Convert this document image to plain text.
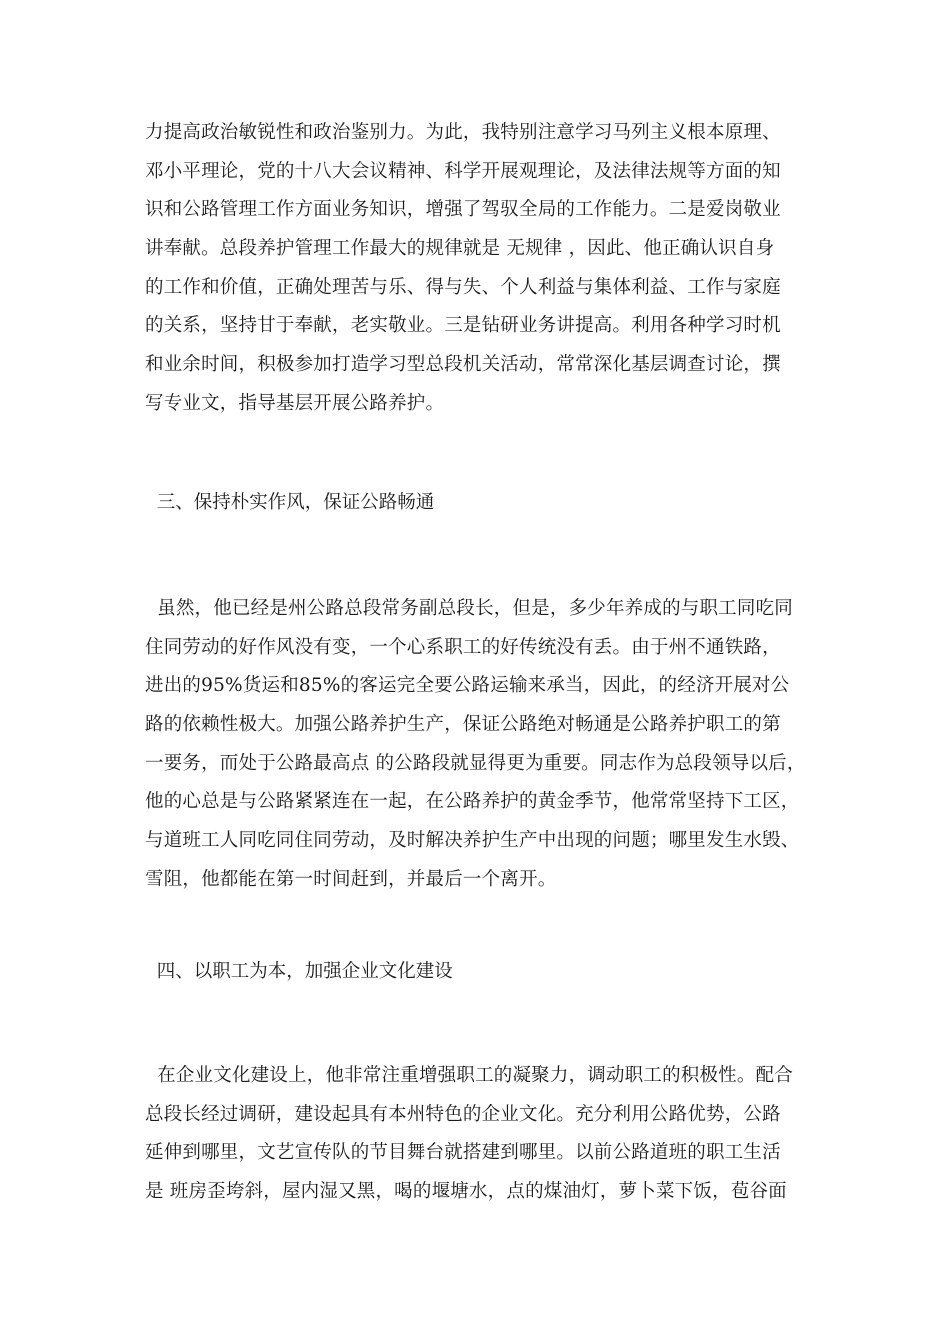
力提高政治敏锐性和政治鉴别力。为此，我特别注意学习马列主义根本原理、
邓小平理论，党的十八大会议精神、科学开展观理论，及法律法规等方面的知
识和公路管理工作方面业务知识，增强了驾驭全局的工作能力。二是爱岗敬业
讲奉献。总段养护管理工作最大的规律就是 无规律 ，因此、他正确认识自身
的工作和价值，正确处理苦与乐、得与失、个人利益与集体利益、工作与家庭
的关系，坚持甘于奉献，老实敬业。三是钻研业务讲提高。利用各种学习时机
和业余时间，积极参加打造学习型总段机关活动，常常深化基层调查讨论，撰
写专业文，指导基层开展公路养护。
三、保持朴实作风，保证公路畅通
虽然，他已经是州公路总段常务副总段长，但是，多少年养成的与职工同吃同
住同劳动的好作风没有变，一个心系职工的好传统没有丢。由于州不通铁路，
进出的95%货运和85%的客运完全要公路运输来承当，因此，的经济开展对公
路的依赖性极大。加强公路养护生产，保证公路绝对畅通是公路养护职工的第
一要务，而处于公路最高点 的公路段就显得更为重要。同志作为总段领导以后，
他的心总是与公路紧紧连在一起，在公路养护的黄金季节，他常常坚持下工区，
与道班工人同吃同住同劳动，及时解决养护生产中出现的问题；哪里发生水毁、
雪阻，他都能在第一时间赶到，并最后一个离开。
四、以职工为本，加强企业文化建设
在企业文化建设上，他非常注重增强职工的凝聚力，调动职工的积极性。配合
总段长经过调研，建设起具有本州特色的企业文化。充分利用公路优势，公路
延伸到哪里，文艺宣传队的节目舞台就搭建到哪里。以前公路道班的职工生活
是 班房歪垮斜，屋内湿又黑，喝的堰塘水，点的煤油灯，萝卜菜下饭，苞谷面
